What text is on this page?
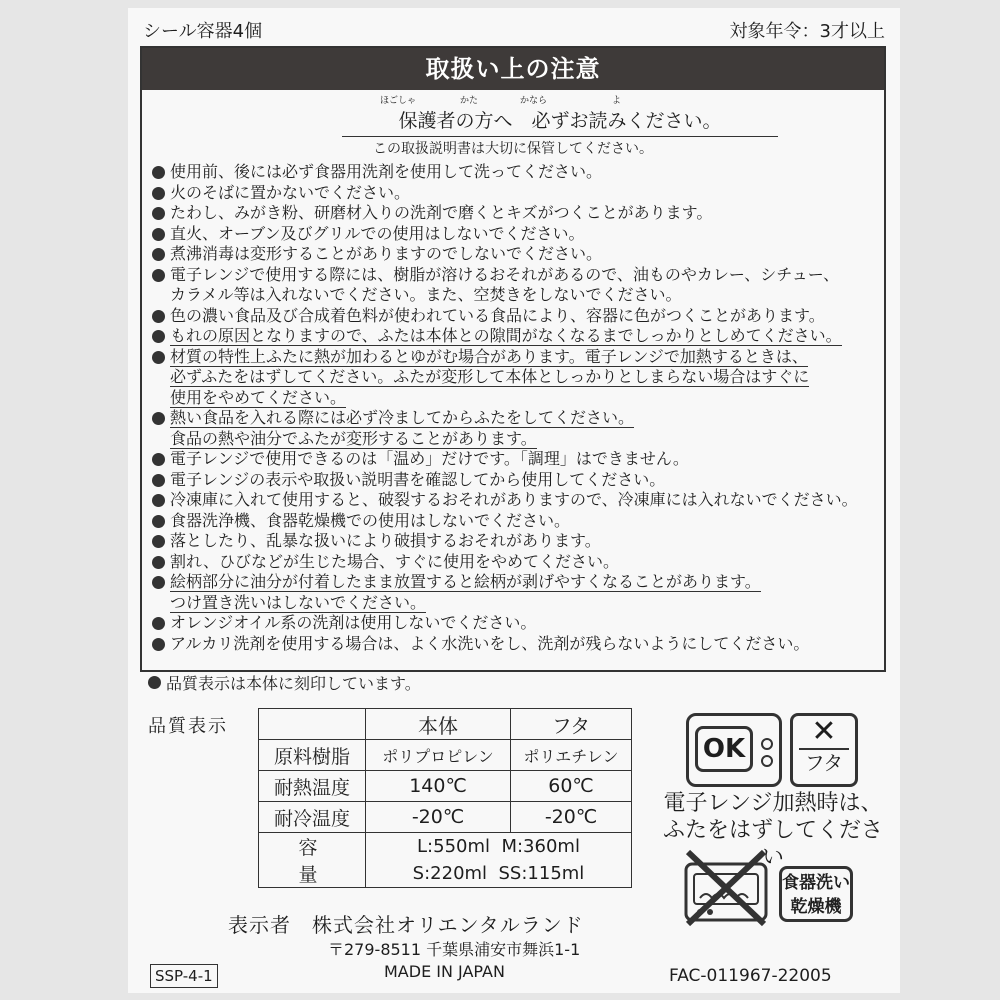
シール容器4個	対象年令：3才以上
取扱い上の注意
ほごしゃ	かた	かなら	よ
保護者の方へ　必ずお読みください。
この取扱説明書は大切に保管してください。
使用前、後には必ず食器用洗剤を使用して洗ってください。
火のそばに置かないでください。
たわし、みがき粉、研磨材入りの洗剤で磨くとキズがつくことがあります。
直火、オーブン及びグリルでの使用はしないでください。
煮沸消毒は変形することがありますのでしないでください。
電子レンジで使用する際には、樹脂が溶けるおそれがあるので、油ものやカレー、シチュー、
カラメル等は入れないでください。また、空焚きをしないでください。
色の濃い食品及び合成着色料が使われている食品により、容器に色がつくことがあります。
もれの原因となりますので、ふたは本体との隙間がなくなるまでしっかりとしめてください。
材質の特性上ふたに熱が加わるとゆがむ場合があります。電子レンジで加熱するときは、
必ずふたをはずしてください。ふたが変形して本体としっかりとしまらない場合はすぐに
使用をやめてください。
熱い食品を入れる際には必ず冷ましてからふたをしてください。
食品の熱や油分でふたが変形することがあります。
電子レンジで使用できるのは「温め」だけです。「調理」はできません。
電子レンジの表示や取扱い説明書を確認してから使用してください。
冷凍庫に入れて使用すると、破裂するおそれがありますので、冷凍庫には入れないでください。
食器洗浄機、食器乾燥機での使用はしないでください。
落としたり、乱暴な扱いにより破損するおそれがあります。
割れ、ひびなどが生じた場合、すぐに使用をやめてください。
絵柄部分に油分が付着したまま放置すると絵柄が剥げやすくなることがあります。
つけ置き洗いはしないでください。
オレンジオイル系の洗剤は使用しないでください。
アルカリ洗剤を使用する場合は、よく水洗いをし、洗剤が残らないようにしてください。
品質表示は本体に刻印しています。
品質表示
		本体	フタ
原料樹脂	ポリプロピレン	ポリエチレン
耐熱温度	140℃	60℃
耐冷温度	-20℃	-20℃
容量	L:550ml  M:360ml
S:220ml  SS:115ml	
OK	✕
フタ
電子レンジ加熱時は、ふたをはずしてください
食器洗い乾燥機
表示者　株式会社オリエンタルランド
〒279-8511 千葉県浦安市舞浜1-1
MADE IN JAPAN
SSP-4-1	FAC-011967-22005
